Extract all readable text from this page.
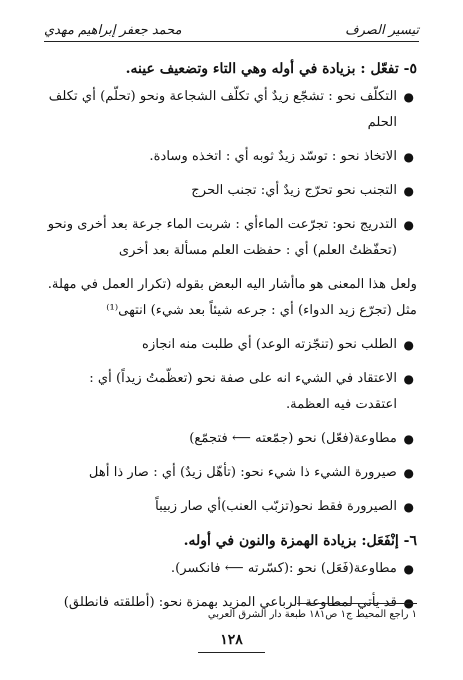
تيسير الصرف
محمد جعفر إبراهيم مهدي
٥- تفعّل : بزيادة في أوله وهي التاء وتضعيف عينه.
●
التكلّف نحو : تشجّع زيدٌ أي تكلّف الشجاعة ونحو (تحلّم) أي تكلف الحلم
●
الاتخاذ نحو : توسّد زيدٌ ثوبه أي : اتخذه وسادة.
●
التجنب نحو تحرّج زيدٌ أي: تجنب الحرج
●
التدريج نحو: تجرّعت الماءأي : شربت الماء جرعة بعد أخرى ونحو (تحفّظتُ العلم) أي : حفظت العلم مسألة بعد أخرى
ولعل هذا المعنى هو ماأشار اليه البعض بقوله (تكرار العمل في مهلة. مثل (تجرّع زيد الدواء) أي : جرعه شيئاً بعد شيء) انتهى⁽¹⁾
●
الطلب نحو (تنجّزته الوعد) أي طلبت منه انجازه
●
الاعتقاد في الشيء انه على صفة نحو (تعظّمتُ زيداً) أي : اعتقدت فيه العظمة.
●
مطاوعة(فعّل) نحو (جمّعته ⟵ فتجمّع)
●
صيرورة الشيء ذا شيء نحو: (تأهّل زيدٌ) أي : صار ذا أهل
●
الصيرورة فقط نحو(تزبّب العنب)أي صار زبيباً
٦- إنْفَعَل: بزيادة الهمزة والنون في أوله.
●
مطاوعة(فَعَل) نحو :(كسّرته ⟵ فانكسر).
●
قد يأتي لمطاوعة الرباعي المزيد بهمزة نحو: (أطلقته فانطلق)
١ راجع المحيط ج١ ص١٨١ طبعة دار الشرق العربي
١٢٨
